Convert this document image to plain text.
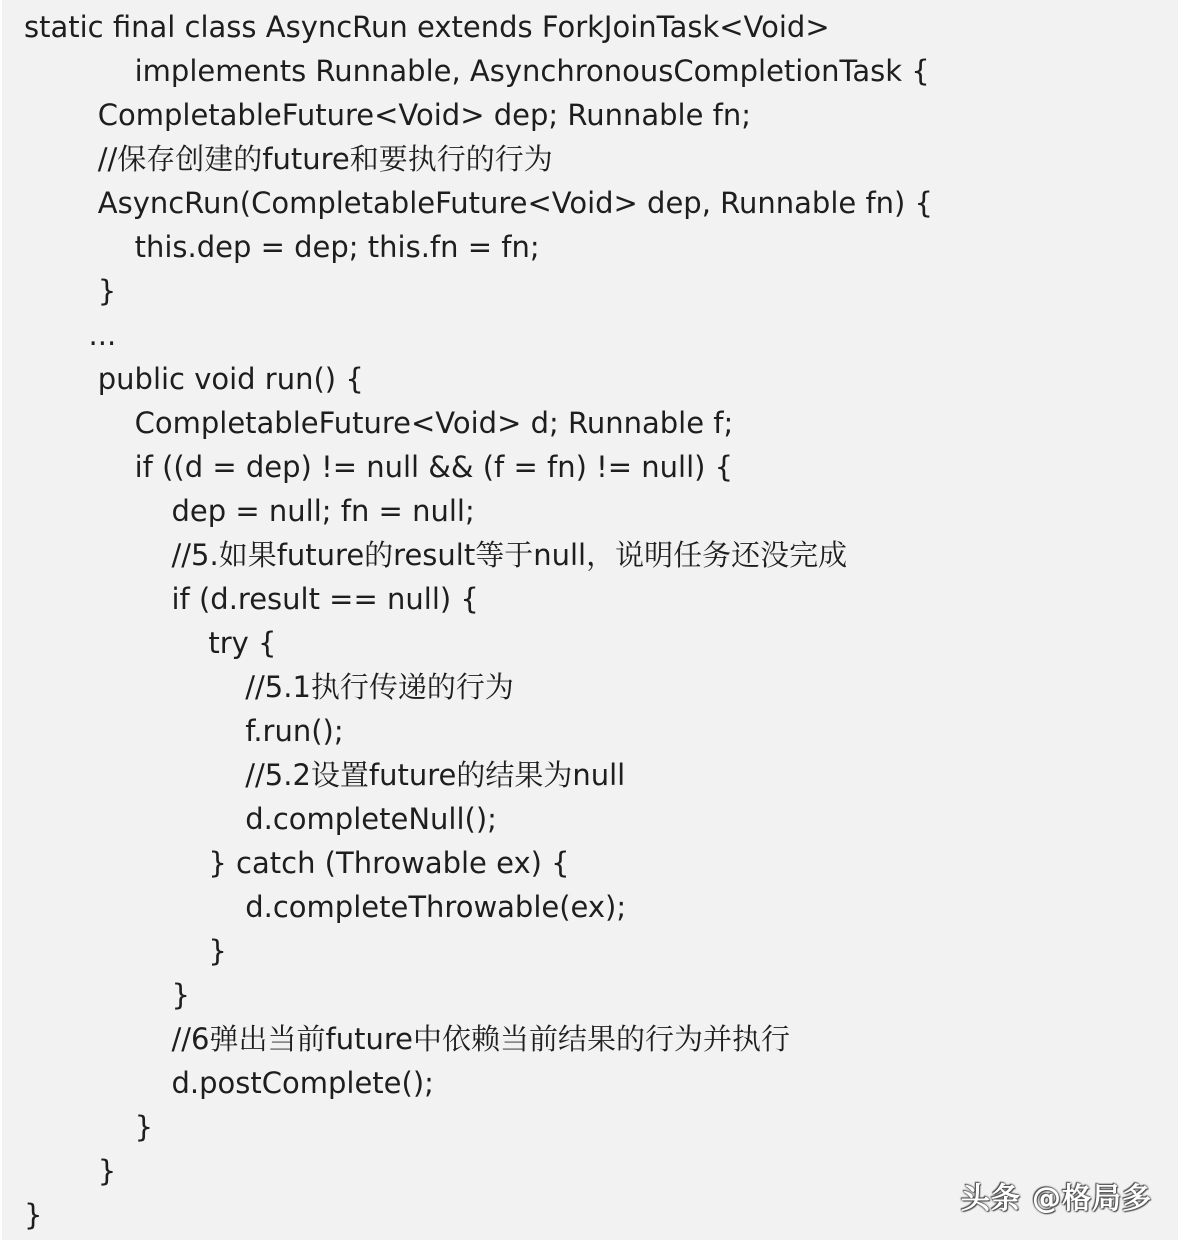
static final class AsyncRun extends ForkJoinTask<Void>
implements Runnable, AsynchronousCompletionTask {
CompletableFuture<Void> dep; Runnable fn;
//保存创建的future和要执行的行为
AsyncRun(CompletableFuture<Void> dep, Runnable fn) {
this.dep = dep; this.fn = fn;
}
...
public void run() {
CompletableFuture<Void> d; Runnable f;
if ((d = dep) != null && (f = fn) != null) {
dep = null; fn = null;
//5.如果future的result等于null，说明任务还没完成
if (d.result == null) {
try {
//5.1执行传递的行为
f.run();
//5.2设置future的结果为null
d.completeNull();
} catch (Throwable ex) {
d.completeThrowable(ex);
}
}
//6弹出当前future中依赖当前结果的行为并执行
d.postComplete();
}
}
}	头条 @格局多
